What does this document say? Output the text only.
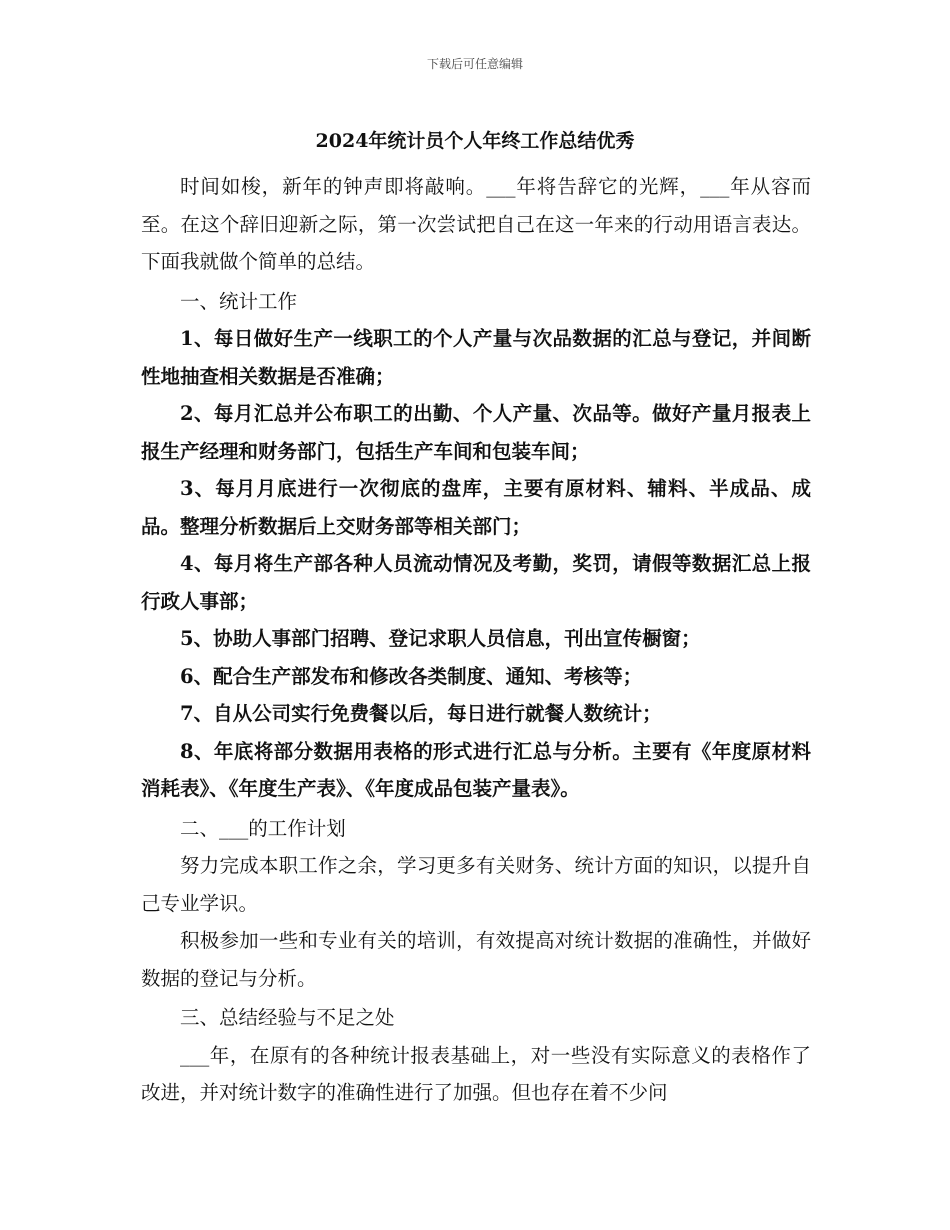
下载后可任意编辑
2024年统计员个人年终工作总结优秀

时间如梭，新年的钟声即将敲响。___年将告辞它的光辉，___年从容而至。在这个辞旧迎新之际，第一次尝试把自己在这一年来的行动用语言表达。下面我就做个简单的总结。

一、统计工作

1、每日做好生产一线职工的个人产量与次品数据的汇总与登记，并间断性地抽查相关数据是否准确；

2、每月汇总并公布职工的出勤、个人产量、次品等。做好产量月报表上报生产经理和财务部门，包括生产车间和包装车间；

3、每月月底进行一次彻底的盘库，主要有原材料、辅料、半成品、成品。整理分析数据后上交财务部等相关部门；

4、每月将生产部各种人员流动情况及考勤，奖罚，请假等数据汇总上报行政人事部；

5、协助人事部门招聘、登记求职人员信息，刊出宣传橱窗；

6、配合生产部发布和修改各类制度、通知、考核等；

7、自从公司实行免费餐以后，每日进行就餐人数统计；

8、年底将部分数据用表格的形式进行汇总与分析。主要有《年度原材料消耗表》、《年度生产表》、《年度成品包装产量表》。

二、___的工作计划

努力完成本职工作之余，学习更多有关财务、统计方面的知识，以提升自己专业学识。

积极参加一些和专业有关的培训，有效提高对统计数据的准确性，并做好数据的登记与分析。

三、总结经验与不足之处

___年，在原有的各种统计报表基础上，对一些没有实际意义的表格作了改进，并对统计数字的准确性进行了加强。但也存在着不少问
